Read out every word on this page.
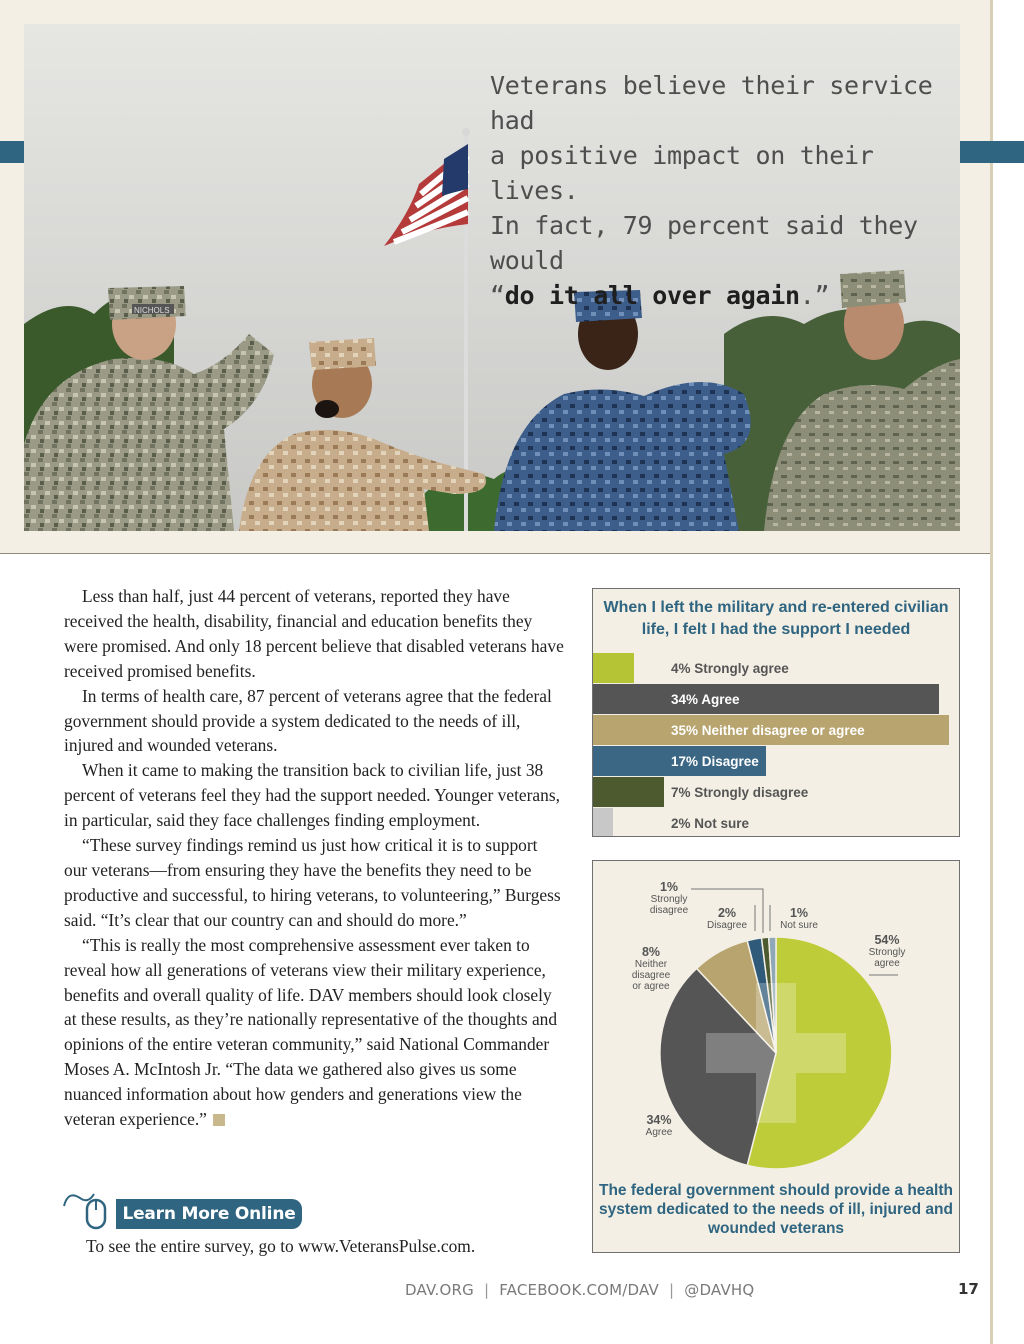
NICHOLS
Veterans believe their service had
a positive impact on their lives.
In fact, 79 percent said they would
“do it all over again.”

Less than half, just 44 percent of veterans, reported they have received the health, disability, financial and education benefits they were promised. And only 18 percent believe that disabled veterans have received promised benefits.

In terms of health care, 87 percent of veterans agree that the federal government should provide a system dedicated to the needs of ill, injured and wounded veterans.

When it came to making the transition back to civilian life, just 38 percent of veterans feel they had the support needed. Younger veterans, in particular, said they face challenges finding employment.

“These survey findings remind us just how critical it is to support our veterans—from ensuring they have the benefits they need to be productive and successful, to hiring veterans, to volunteering,” Burgess said. “It’s clear that our country can and should do more.”

“This is really the most comprehensive assessment ever taken to reveal how all generations of veterans view their military experience, benefits and overall quality of life. DAV members should look closely at these results, as they’re nationally representative of the thoughts and opinions of the entire veteran community,” said National Commander Moses A. McIntosh Jr. “The data we gathered also gives us some nuanced information about how genders and generations view the veteran experience.”

Learn More Online
To see the entire survey, go to www.VeteransPulse.com.
When I left the military and re-entered civilian life, I felt I had the support I needed
4% Strongly agree
34% Agree
35% Neither disagree or agree
17% Disagree
7% Strongly disagree
2% Not sure
1%
Strongly
disagree 2%
Disagree
1%
Not sure
54%
Strongly
agree
8%
Neither
disagree
or agree
34%
Agree
The federal government should provide a health system dedicated to the needs of ill, injured and wounded veterans
DAV.ORG | FACEBOOK.COM/DAV | @DAVHQ	17
